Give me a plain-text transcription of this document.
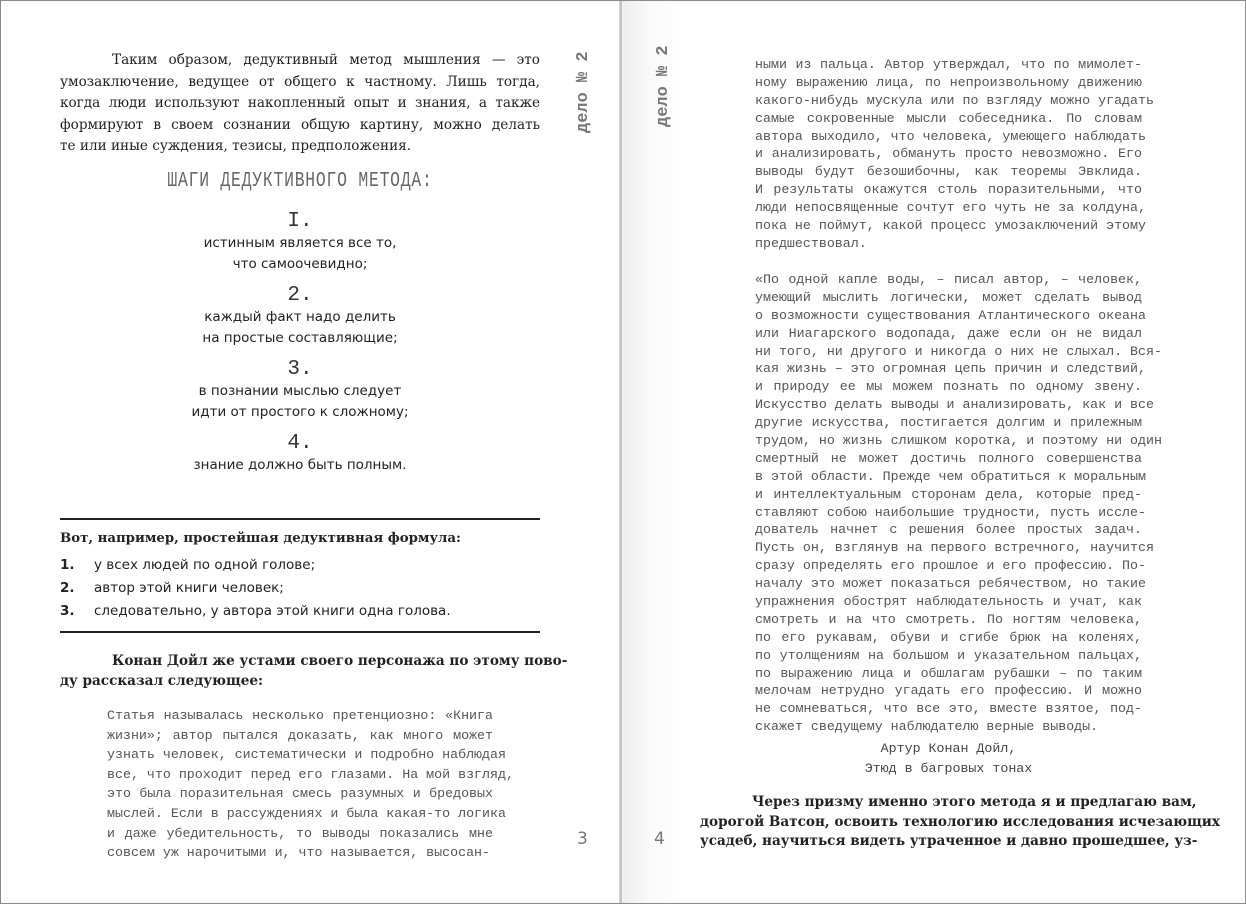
дело № 2
Таким образом, дедуктивный метод мышления — это
умозаключение, ведущее от общего к частному. Лишь тогда,
когда люди используют накопленный опыт и знания, а также
формируют в своем сознании общую картину, можно делать
те или иные суждения, тезисы, предположения.
ШАГИ ДЕДУКТИВНОГО МЕТОДА:
I.
истинным является все то,
что самоочевидно;
2.
каждый факт надо делить
на простые составляющие;
3.
в познании мыслью следует
идти от простого к сложному;
4.
знание должно быть полным.
Вот, например, простейшая дедуктивная формула:
1.	у всех людей по одной голове;
2.	автор этой книги человек;
3.	следовательно, у автора этой книги одна голова.
Конан Дойл же устами своего персонажа по этому пово-
ду рассказал следующее:
Статья называлась несколько претенциозно: «Книга
жизни»; автор пытался доказать, как много может
узнать человек, систематически и подробно наблюдая
все, что проходит перед его глазами. На мой взгляд,
это была поразительная смесь разумных и бредовых
мыслей. Если в рассуждениях и была какая-то логика
и даже убедительность, то выводы показались мне
совсем уж нарочитыми и, что называется, высосан-
3
дело № 2	ными из пальца. Автор утверждал, что по мимолет-
ному выражению лица, по непроизвольному движению
какого-нибудь мускула или по взгляду можно угадать
самые сокровенные мысли собеседника. По словам
автора выходило, что человека, умеющего наблюдать
и анализировать, обмануть просто невозможно. Его
выводы будут безошибочны, как теоремы Эвклида.
И результаты окажутся столь поразительными, что
люди непосвященные сочтут его чуть не за колдуна,
пока не поймут, какой процесс умозаключений этому
предшествовал.
«По одной капле воды, – писал автор, – человек,
умеющий мыслить логически, может сделать вывод
о возможности существования Атлантического океана
или Ниагарского водопада, даже если он не видал
ни того, ни другого и никогда о них не слыхал. Вся-
кая жизнь – это огромная цепь причин и следствий,
и природу ее мы можем познать по одному звену.
Искусство делать выводы и анализировать, как и все
другие искусства, постигается долгим и прилежным
трудом, но жизнь слишком коротка, и поэтому ни один
смертный не может достичь полного совершенства
в этой области. Прежде чем обратиться к моральным
и интеллектуальным сторонам дела, которые пред-
ставляют собою наибольшие трудности, пусть иссле-
дователь начнет с решения более простых задач.
Пусть он, взглянув на первого встречного, научится
сразу определять его прошлое и его профессию. По-
началу это может показаться ребячеством, но такие
упражнения обострят наблюдательность и учат, как
смотреть и на что смотреть. По ногтям человека,
по его рукавам, обуви и сгибе брюк на коленях,
по утолщениям на большом и указательном пальцах,
по выражению лица и обшлагам рубашки – по таким
мелочам нетрудно угадать его профессию. И можно
не сомневаться, что все это, вместе взятое, под-
скажет сведущему наблюдателю верные выводы.
Артур Конан Дойл,
Этюд в багровых тонах
Через призму именно этого метода я и предлагаю вам,
дорогой Ватсон, освоить технологию исследования исчезающих
усадеб, научиться видеть утраченное и давно прошедшее, уз-
4
